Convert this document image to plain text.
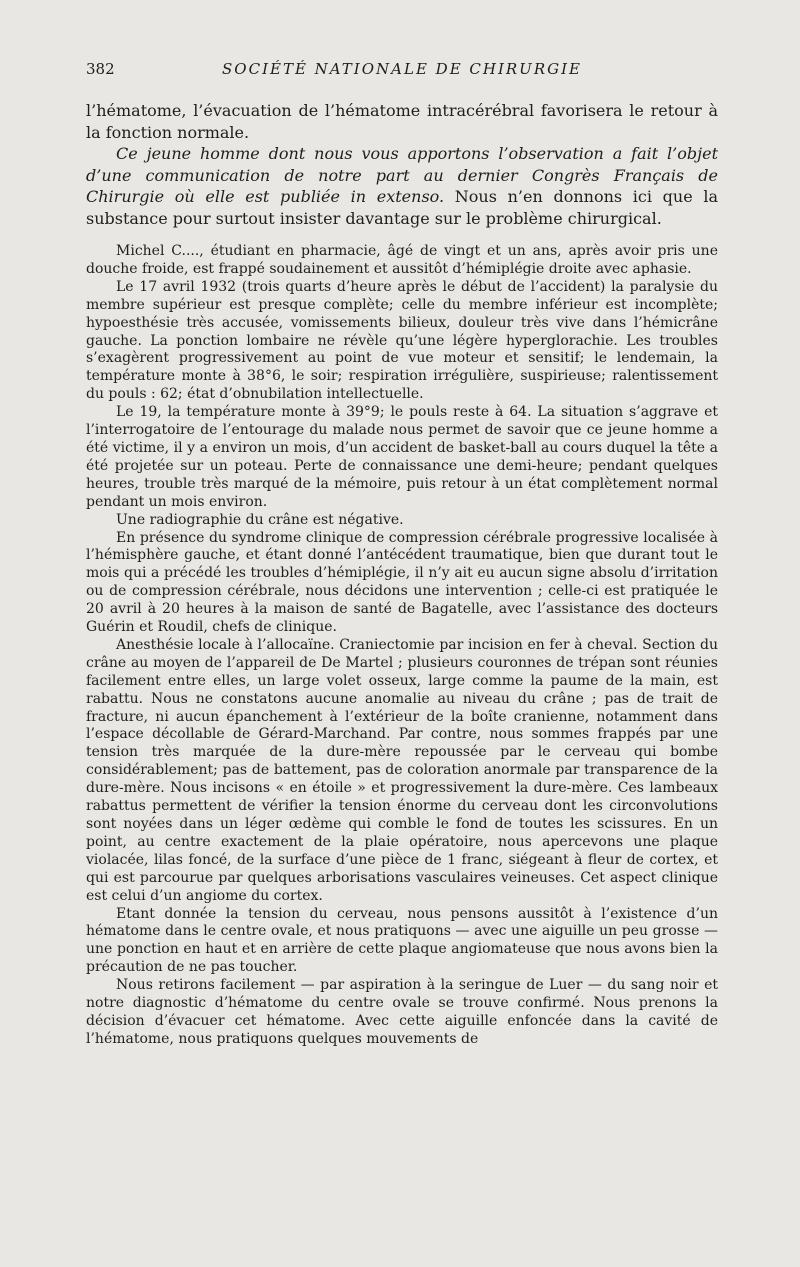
382	SOCIÉTÉ NATIONALE DE CHIRURGIE

l’hématome, l’évacuation de l’hématome intracérébral favorisera le retour à la fonction normale.

Ce jeune homme dont nous vous apportons l’observation a fait l’objet d’une communication de notre part au dernier Congrès Français de Chirurgie où elle est publiée in extenso. Nous n’en donnons ici que la substance pour surtout insister davantage sur le problème chirurgical.

Michel C...., étudiant en pharmacie, âgé de vingt et un ans, après avoir pris une douche froide, est frappé soudainement et aussitôt d’hémiplégie droite avec aphasie.

Le 17 avril 1932 (trois quarts d’heure après le début de l’accident) la paralysie du membre supérieur est presque complète; celle du membre inférieur est incomplète; hypoesthésie très accusée, vomissements bilieux, douleur très vive dans l’hémicrâne gauche. La ponction lombaire ne révèle qu’une légère hyperglorachie. Les troubles s’exagèrent progressivement au point de vue moteur et sensitif; le lendemain, la température monte à 38°6, le soir; respiration irrégulière, suspirieuse; ralentissement du pouls : 62; état d’obnubilation intellectuelle.

Le 19, la température monte à 39°9; le pouls reste à 64. La situation s’aggrave et l’interrogatoire de l’entourage du malade nous permet de savoir que ce jeune homme a été victime, il y a environ un mois, d’un accident de basket-ball au cours duquel la tête a été projetée sur un poteau. Perte de connaissance une demi-heure; pendant quelques heures, trouble très marqué de la mémoire, puis retour à un état complètement normal pendant un mois environ.

Une radiographie du crâne est négative.

En présence du syndrome clinique de compression cérébrale progressive localisée à l’hémisphère gauche, et étant donné l’antécédent traumatique, bien que durant tout le mois qui a précédé les troubles d’hémiplégie, il n’y ait eu aucun signe absolu d’irritation ou de compression cérébrale, nous décidons une intervention ; celle-ci est pratiquée le 20 avril à 20 heures à la maison de santé de Bagatelle, avec l’assistance des docteurs Guérin et Roudil, chefs de clinique.

Anesthésie locale à l’allocaïne. Craniectomie par incision en fer à cheval. Section du crâne au moyen de l’appareil de De Martel ; plusieurs couronnes de trépan sont réunies facilement entre elles, un large volet osseux, large comme la paume de la main, est rabattu. Nous ne constatons aucune anomalie au niveau du crâne ; pas de trait de fracture, ni aucun épanchement à l’extérieur de la boîte cranienne, notamment dans l’espace décollable de Gérard-Marchand. Par contre, nous sommes frappés par une tension très marquée de la dure-mère repoussée par le cerveau qui bombe considérablement; pas de battement, pas de coloration anormale par transparence de la dure-mère. Nous incisons « en étoile » et progressivement la dure-mère. Ces lambeaux rabattus permettent de vérifier la tension énorme du cerveau dont les circonvolutions sont noyées dans un léger œdème qui comble le fond de toutes les scissures. En un point, au centre exactement de la plaie opératoire, nous apercevons une plaque violacée, lilas foncé, de la surface d’une pièce de 1 franc, siégeant à fleur de cortex, et qui est parcourue par quelques arborisations vasculaires veineuses. Cet aspect clinique est celui d’un angiome du cortex.

Etant donnée la tension du cerveau, nous pensons aussitôt à l’existence d’un hématome dans le centre ovale, et nous pratiquons — avec une aiguille un peu grosse — une ponction en haut et en arrière de cette plaque angiomateuse que nous avons bien la précaution de ne pas toucher.

Nous retirons facilement — par aspiration à la seringue de Luer — du sang noir et notre diagnostic d’hématome du centre ovale se trouve confirmé. Nous prenons la décision d’évacuer cet hématome. Avec cette aiguille enfoncée dans la cavité de l’hématome, nous pratiquons quelques mouvements de
